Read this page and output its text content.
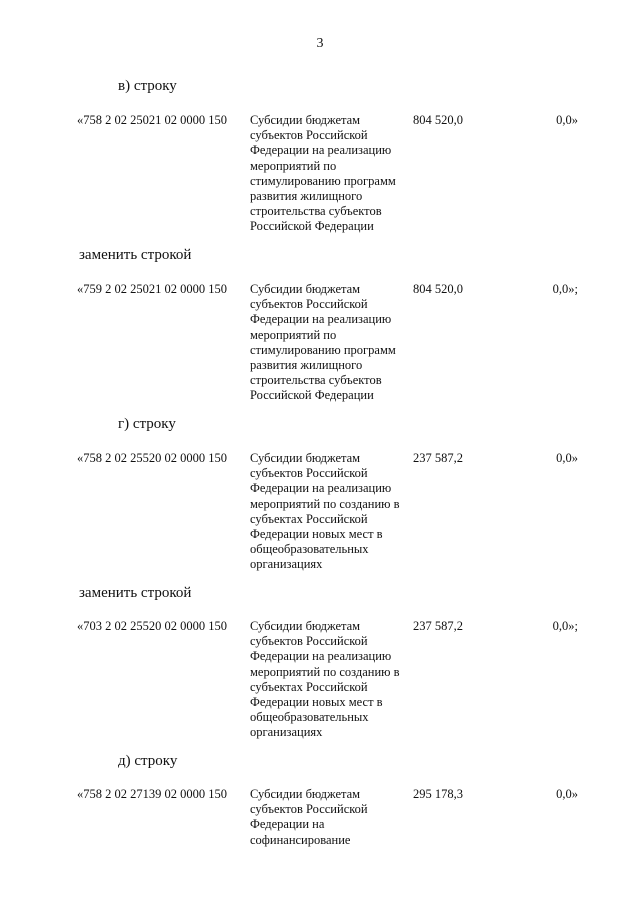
3
в) строку
«758 2 02 25021 02 0000 150 Субсидии бюджетам
субъектов Российской
Федерации на реализацию
мероприятий по
стимулированию программ
развития жилищного
строительства субъектов
Российской Федерации
804 520,0	0,0»
заменить строкой
«759 2 02 25021 02 0000 150 Субсидии бюджетам
субъектов Российской
Федерации на реализацию
мероприятий по
стимулированию программ
развития жилищного
строительства субъектов
Российской Федерации
804 520,0	0,0»;
г) строку
«758 2 02 25520 02 0000 150 Субсидии бюджетам
субъектов Российской
Федерации на реализацию
мероприятий по созданию в
субъектах Российской
Федерации новых мест в
общеобразовательных
организациях
237 587,2	0,0»
заменить строкой
«703 2 02 25520 02 0000 150 Субсидии бюджетам
субъектов Российской
Федерации на реализацию
мероприятий по созданию в
субъектах Российской
Федерации новых мест в
общеобразовательных
организациях
237 587,2	0,0»;
д) строку
«758 2 02 27139 02 0000 150 Субсидии бюджетам
субъектов Российской
Федерации на
софинансирование
295 178,3	0,0»
